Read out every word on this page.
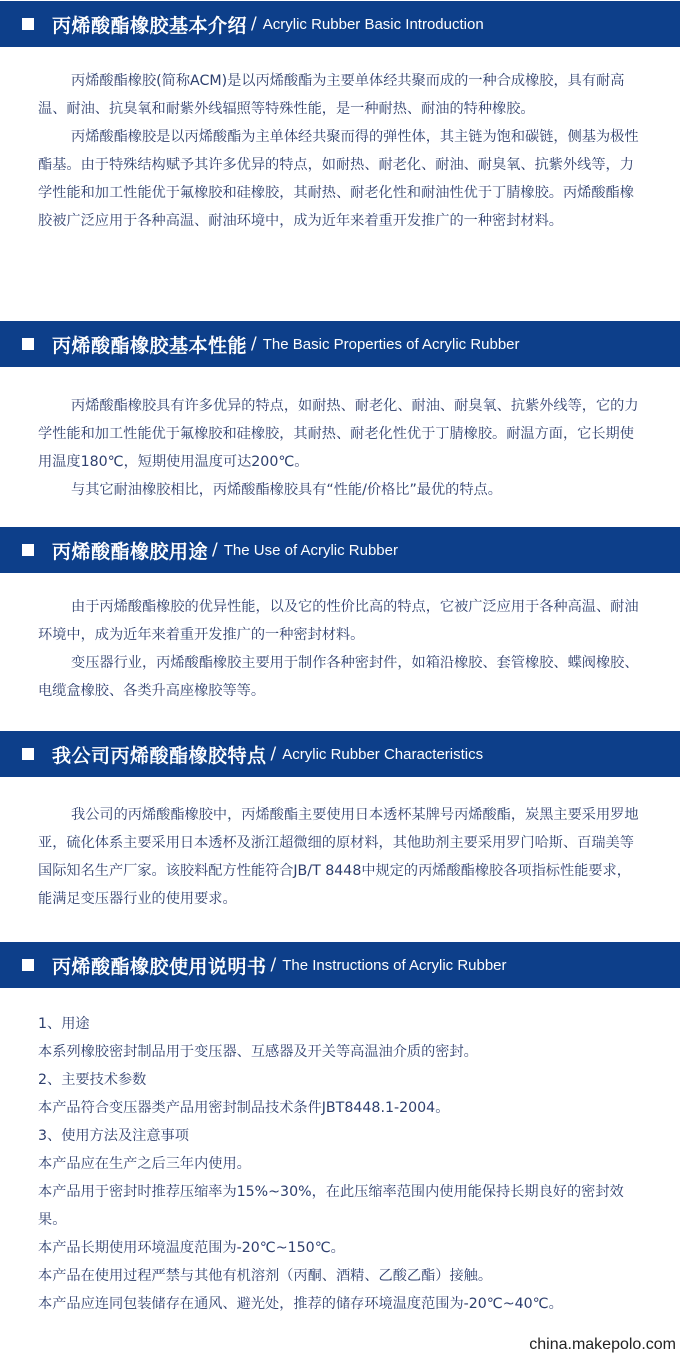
丙烯酸酯橡胶基本介绍 / Acrylic Rubber Basic Introduction

丙烯酸酯橡胶(简称ACM)是以丙烯酸酯为主要单体经共聚而成的一种合成橡胶，具有耐高温、耐油、抗臭氧和耐紫外线辐照等特殊性能，是一种耐热、耐油的特种橡胶。

丙烯酸酯橡胶是以丙烯酸酯为主单体经共聚而得的弹性体，其主链为饱和碳链，侧基为极性酯基。由于特殊结构赋予其许多优异的特点，如耐热、耐老化、耐油、耐臭氧、抗紫外线等，力学性能和加工性能优于氟橡胶和硅橡胶，其耐热、耐老化性和耐油性优于丁腈橡胶。丙烯酸酯橡胶被广泛应用于各种高温、耐油环境中，成为近年来着重开发推广的一种密封材料。

丙烯酸酯橡胶基本性能 / The Basic Properties of Acrylic Rubber

丙烯酸酯橡胶具有许多优异的特点，如耐热、耐老化、耐油、耐臭氧、抗紫外线等，它的力学性能和加工性能优于氟橡胶和硅橡胶，其耐热、耐老化性优于丁腈橡胶。耐温方面，它长期使用温度180℃，短期使用温度可达200℃。

与其它耐油橡胶相比，丙烯酸酯橡胶具有“性能/价格比”最优的特点。

丙烯酸酯橡胶用途 / The Use of Acrylic Rubber

由于丙烯酸酯橡胶的优异性能，以及它的性价比高的特点，它被广泛应用于各种高温、耐油环境中，成为近年来着重开发推广的一种密封材料。

变压器行业，丙烯酸酯橡胶主要用于制作各种密封件，如箱沿橡胶、套管橡胶、蝶阀橡胶、电缆盒橡胶、各类升高座橡胶等等。

我公司丙烯酸酯橡胶特点 / Acrylic Rubber Characteristics

我公司的丙烯酸酯橡胶中，丙烯酸酯主要使用日本透杯某牌号丙烯酸酯，炭黑主要采用罗地亚，硫化体系主要采用日本透杯及浙江超微细的原材料，其他助剂主要采用罗门哈斯、百瑞美等国际知名生产厂家。该胶料配方性能符合JB/T 8448中规定的丙烯酸酯橡胶各项指标性能要求，能满足变压器行业的使用要求。

丙烯酸酯橡胶使用说明书 / The Instructions of Acrylic Rubber

1、用途

本系列橡胶密封制品用于变压器、互感器及开关等高温油介质的密封。

2、主要技术参数

本产品符合变压器类产品用密封制品技术条件JBT8448.1-2004。

3、使用方法及注意事项

本产品应在生产之后三年内使用。

本产品用于密封时推荐压缩率为15%~30%，在此压缩率范围内使用能保持长期良好的密封效果。

本产品长期使用环境温度范围为-20℃~150℃。

本产品在使用过程严禁与其他有机溶剂（丙酮、酒精、乙酸乙酯）接触。

本产品应连同包装储存在通风、避光处，推荐的储存环境温度范围为-20℃~40℃。

china.makepolo.com
